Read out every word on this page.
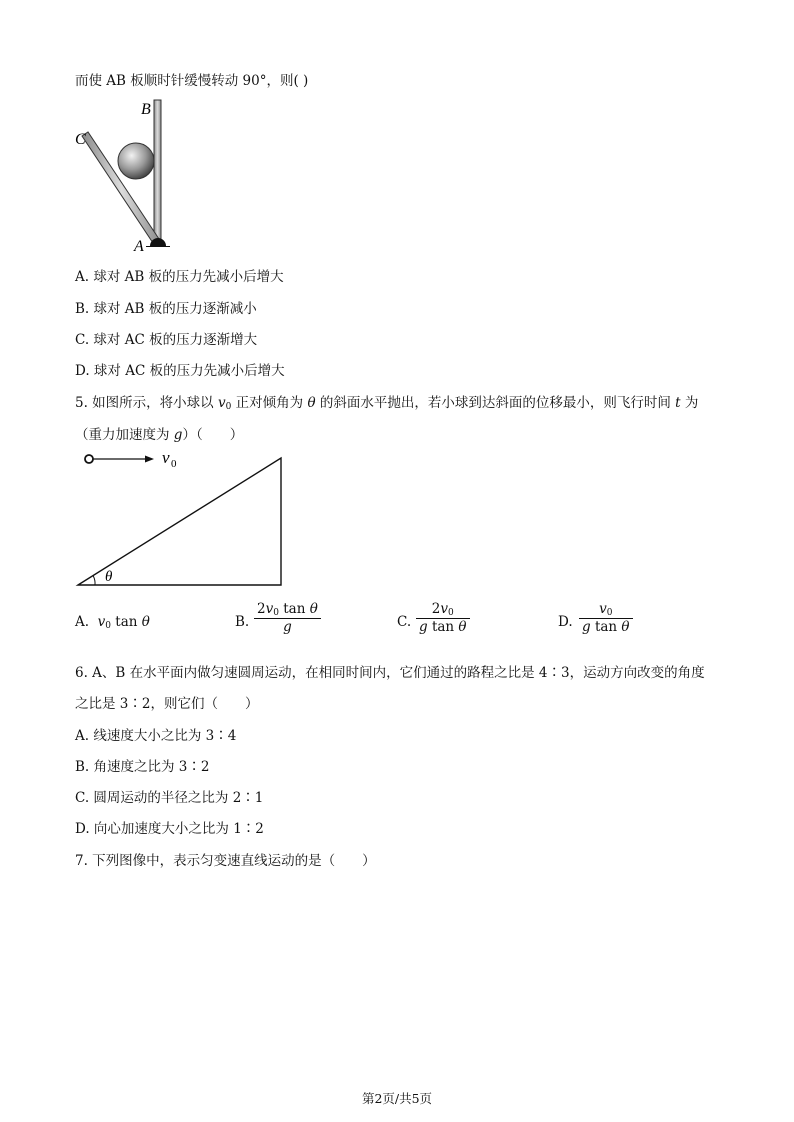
而使 AB 板顺时针缓慢转动 90°，则( )
B
C
A
A. 球对 AB 板的压力先减小后增大
B. 球对 AB 板的压力逐渐减小
C. 球对 AC 板的压力逐渐增大
D. 球对 AC 板的压力先减小后增大
5. 如图所示，将小球以 $v_0$ 正对倾角为 θ 的斜面水平抛出，若小球到达斜面的位移最小，则飞行时间 t 为
（重力加速度为 g）（　　）
v 0
θ
A. $v_0$ tan θ	B. $\frac{2v_0 \tan \theta}{g}$	C. $\frac{2v_0}{\text{g tan θ}}$	D. $\frac{v_0}{\text{g tan θ}}$
6. A、B 在水平面内做匀速圆周运动，在相同时间内，它们通过的路程之比是 4∶3，运动方向改变的角度
之比是 3∶2，则它们（　　）
A. 线速度大小之比为 3∶4
B. 角速度之比为 3∶2
C. 圆周运动的半径之比为 2∶1
D. 向心加速度大小之比为 1∶2
7. 下列图像中，表示匀变速直线运动的是（　　）
第2页/共5页
